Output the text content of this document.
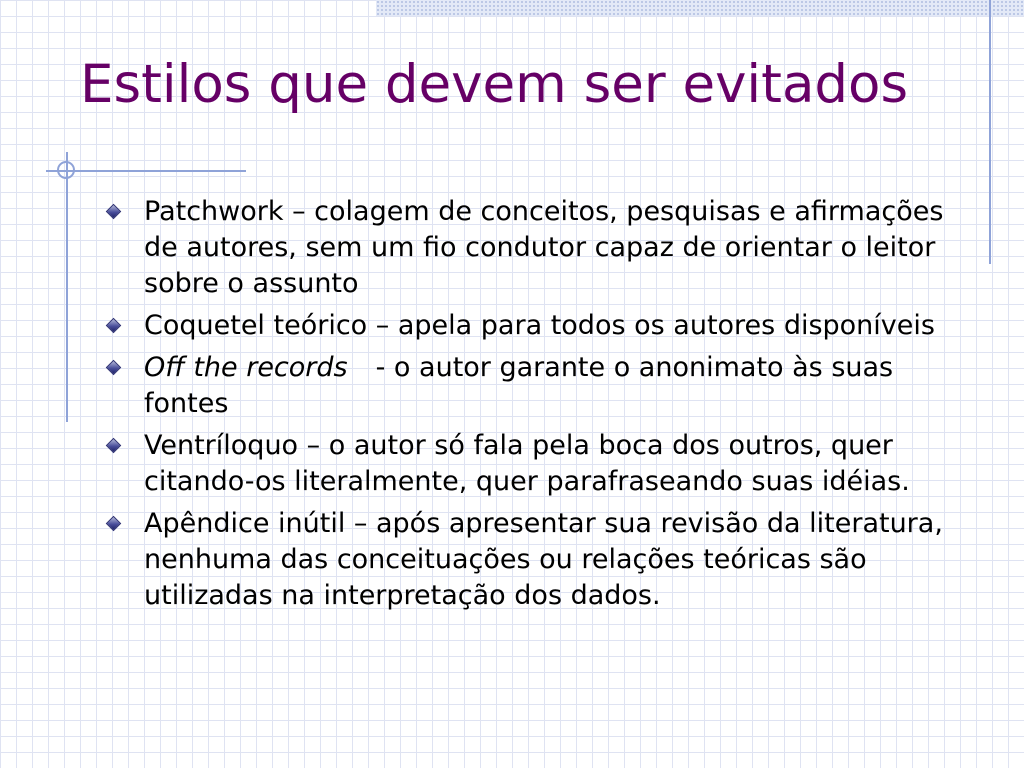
Estilos que devem ser evitados
Patchwork – colagem de conceitos, pesquisas e afirmações de autores, sem um fio condutor capaz de orientar o leitor sobre o assunto
Coquetel teórico – apela para todos os autores disponíveis
Off the records - o autor garante o anonimato às suas fontes
Ventríloquo – o autor só fala pela boca dos outros, quer citando-os literalmente, quer parafraseando suas idéias.
Apêndice inútil – após apresentar sua revisão da literatura, nenhuma das conceituações ou relações teóricas são utilizadas na interpretação dos dados.
